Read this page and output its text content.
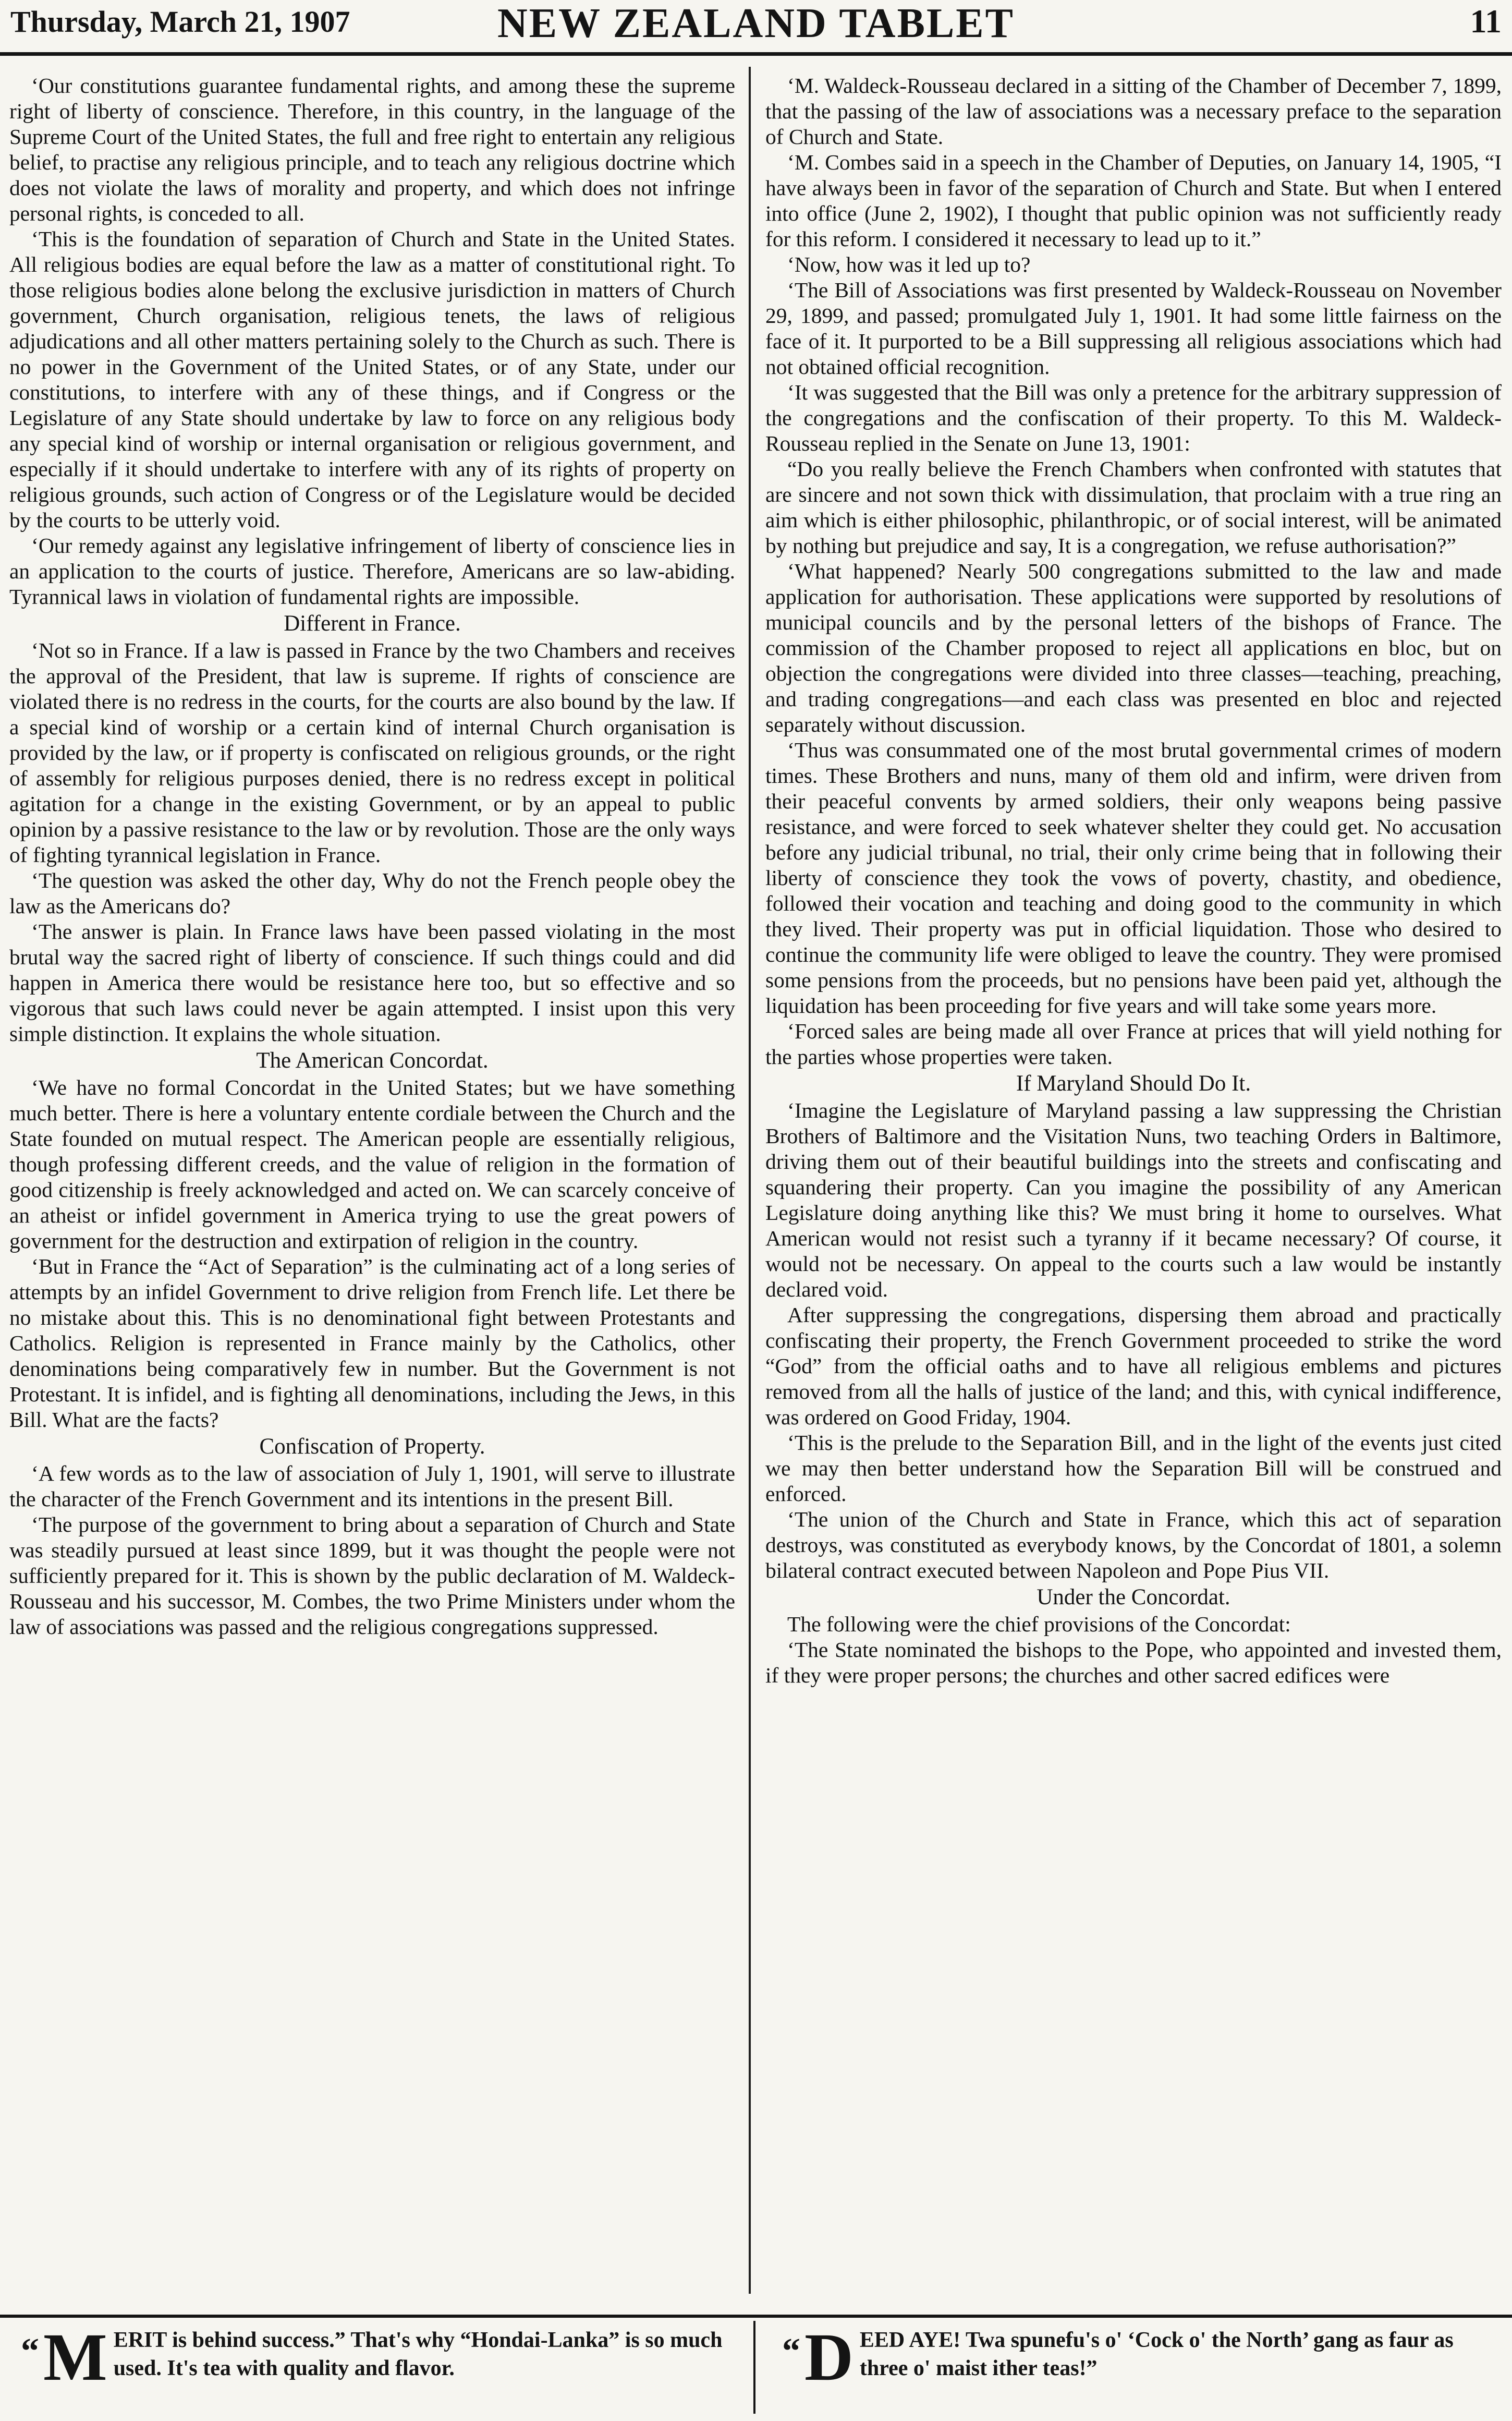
Thursday, March 21, 1907	NEW ZEALAND TABLET	11

‘Our constitutions guarantee fundamental rights, and among these the supreme right of liberty of conscience. Therefore, in this country, in the language of the Supreme Court of the United States, the full and free right to entertain any religious belief, to practise any religious principle, and to teach any religious doctrine which does not violate the laws of morality and property, and which does not infringe personal rights, is conceded to all.

‘This is the foundation of separation of Church and State in the United States. All religious bodies are equal before the law as a matter of constitutional right. To those religious bodies alone belong the exclusive jurisdiction in matters of Church government, Church organisation, religious tenets, the laws of religious adjudications and all other matters pertaining solely to the Church as such. There is no power in the Government of the United States, or of any State, under our constitutions, to interfere with any of these things, and if Congress or the Legislature of any State should undertake by law to force on any religious body any special kind of worship or internal organisation or religious government, and especially if it should undertake to interfere with any of its rights of property on religious grounds, such action of Congress or of the Legislature would be decided by the courts to be utterly void.

‘Our remedy against any legislative infringement of liberty of conscience lies in an application to the courts of justice. Therefore, Americans are so law-abiding. Tyrannical laws in violation of fundamental rights are impossible.

Different in France.

‘Not so in France. If a law is passed in France by the two Chambers and receives the approval of the President, that law is supreme. If rights of conscience are violated there is no redress in the courts, for the courts are also bound by the law. If a special kind of worship or a certain kind of internal Church organisation is provided by the law, or if property is confiscated on religious grounds, or the right of assembly for religious purposes denied, there is no redress except in political agitation for a change in the existing Government, or by an appeal to public opinion by a passive resistance to the law or by revolution. Those are the only ways of fighting tyrannical legislation in France.

‘The question was asked the other day, Why do not the French people obey the law as the Americans do?

‘The answer is plain. In France laws have been passed violating in the most brutal way the sacred right of liberty of conscience. If such things could and did happen in America there would be resistance here too, but so effective and so vigorous that such laws could never be again attempted. I insist upon this very simple distinction. It explains the whole situation.

The American Concordat.

‘We have no formal Concordat in the United States; but we have something much better. There is here a voluntary entente cordiale between the Church and the State founded on mutual respect. The American people are essentially religious, though professing different creeds, and the value of religion in the formation of good citizenship is freely acknowledged and acted on. We can scarcely conceive of an atheist or infidel government in America trying to use the great powers of government for the destruction and extirpation of religion in the country.

‘But in France the “Act of Separation” is the culminating act of a long series of attempts by an infidel Government to drive religion from French life. Let there be no mistake about this. This is no denominational fight between Protestants and Catholics. Religion is represented in France mainly by the Catholics, other denominations being comparatively few in number. But the Government is not Protestant. It is infidel, and is fighting all denominations, including the Jews, in this Bill. What are the facts?

Confiscation of Property.

‘A few words as to the law of association of July 1, 1901, will serve to illustrate the character of the French Government and its intentions in the present Bill.

‘The purpose of the government to bring about a separation of Church and State was steadily pursued at least since 1899, but it was thought the people were not sufficiently prepared for it. This is shown by the public declaration of M. Waldeck-Rousseau and his successor, M. Combes, the two Prime Ministers under whom the law of associations was passed and the religious congregations suppressed.

‘M. Waldeck-Rousseau declared in a sitting of the Chamber of December 7, 1899, that the passing of the law of associations was a necessary preface to the separation of Church and State.

‘M. Combes said in a speech in the Chamber of Deputies, on January 14, 1905, “I have always been in favor of the separation of Church and State. But when I entered into office (June 2, 1902), I thought that public opinion was not sufficiently ready for this reform. I considered it necessary to lead up to it.”

‘Now, how was it led up to?

‘The Bill of Associations was first presented by Waldeck-Rousseau on November 29, 1899, and passed; promulgated July 1, 1901. It had some little fairness on the face of it. It purported to be a Bill suppressing all religious associations which had not obtained official recognition.

‘It was suggested that the Bill was only a pretence for the arbitrary suppression of the congregations and the confiscation of their property. To this M. Waldeck-Rousseau replied in the Senate on June 13, 1901:

“Do you really believe the French Chambers when confronted with statutes that are sincere and not sown thick with dissimulation, that proclaim with a true ring an aim which is either philosophic, philanthropic, or of social interest, will be animated by nothing but prejudice and say, It is a congregation, we refuse authorisation?”

‘What happened? Nearly 500 congregations submitted to the law and made application for authorisation. These applications were supported by resolutions of municipal councils and by the personal letters of the bishops of France. The commission of the Chamber proposed to reject all applications en bloc, but on objection the congregations were divided into three classes—teaching, preaching, and trading congregations—and each class was presented en bloc and rejected separately without discussion.

‘Thus was consummated one of the most brutal governmental crimes of modern times. These Brothers and nuns, many of them old and infirm, were driven from their peaceful convents by armed soldiers, their only weapons being passive resistance, and were forced to seek whatever shelter they could get. No accusation before any judicial tribunal, no trial, their only crime being that in following their liberty of conscience they took the vows of poverty, chastity, and obedience, followed their vocation and teaching and doing good to the community in which they lived. Their property was put in official liquidation. Those who desired to continue the community life were obliged to leave the country. They were promised some pensions from the proceeds, but no pensions have been paid yet, although the liquidation has been proceeding for five years and will take some years more.

‘Forced sales are being made all over France at prices that will yield nothing for the parties whose properties were taken.

If Maryland Should Do It.

‘Imagine the Legislature of Maryland passing a law suppressing the Christian Brothers of Baltimore and the Visitation Nuns, two teaching Orders in Baltimore, driving them out of their beautiful buildings into the streets and confiscating and squandering their property. Can you imagine the possibility of any American Legislature doing anything like this? We must bring it home to ourselves. What American would not resist such a tyranny if it became necessary? Of course, it would not be necessary. On appeal to the courts such a law would be instantly declared void.

After suppressing the congregations, dispersing them abroad and practically confiscating their property, the French Government proceeded to strike the word “God” from the official oaths and to have all religious emblems and pictures removed from all the halls of justice of the land; and this, with cynical indifference, was ordered on Good Friday, 1904.

‘This is the prelude to the Separation Bill, and in the light of the events just cited we may then better understand how the Separation Bill will be construed and enforced.

‘The union of the Church and State in France, which this act of separation destroys, was constituted as everybody knows, by the Concordat of 1801, a solemn bilateral contract executed between Napoleon and Pope Pius VII.

Under the Concordat.

The following were the chief provisions of the Concordat:

‘The State nominated the bishops to the Pope, who appointed and invested them, if they were proper persons; the churches and other sacred edifices were

“ M ERIT is behind success.” That's why “Hondai-Lanka” is so much used. It's tea with quality and flavor.	“ D EED AYE! Twa spunefu's o' ‘Cock o' the North’ gang as faur as three o' maist ither teas!”
